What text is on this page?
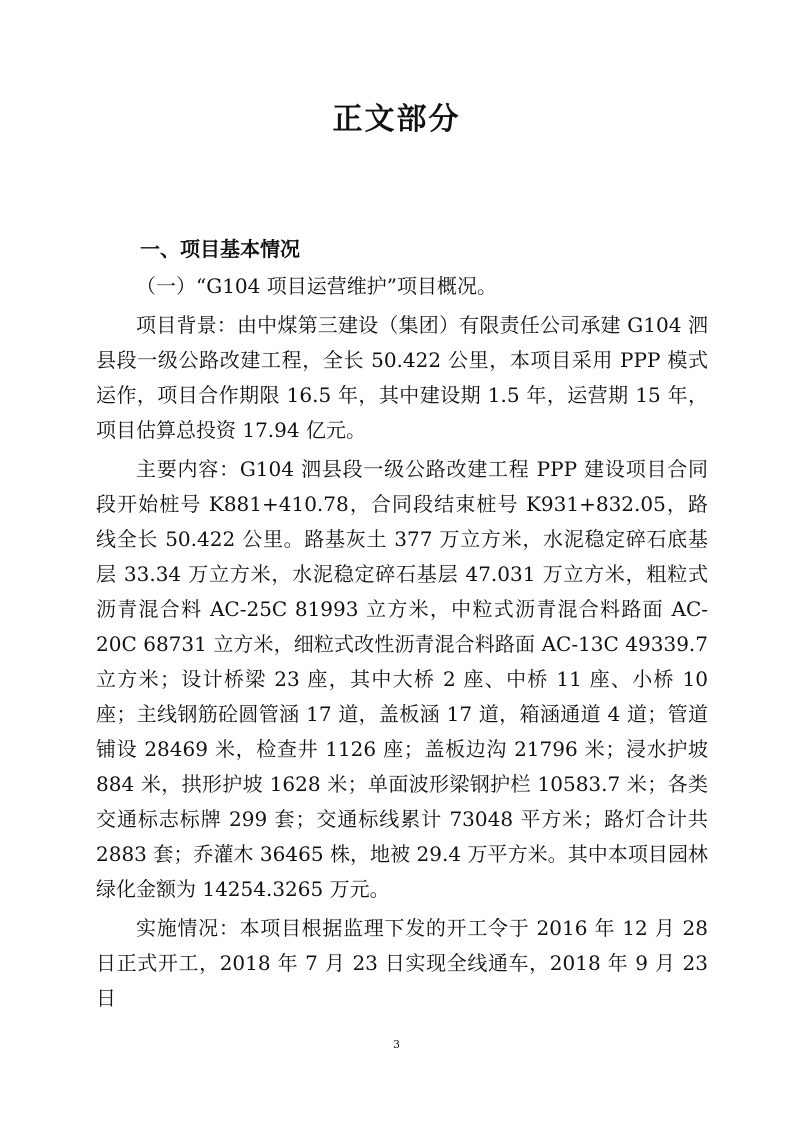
正文部分

一、项目基本情况

（一）“G104 项目运营维护”项目概况。

项目背景：由中煤第三建设（集团）有限责任公司承建 G104 泗县段一级公路改建工程，全长 50.422 公里，本项目采用 PPP 模式运作，项目合作期限 16.5 年，其中建设期 1.5 年，运营期 15 年，项目估算总投资 17.94 亿元。

主要内容：G104 泗县段一级公路改建工程 PPP 建设项目合同段开始桩号 K881+410.78，合同段结束桩号 K931+832.05，路线全长 50.422 公里。路基灰土 377 万立方米，水泥稳定碎石底基层 33.34 万立方米，水泥稳定碎石基层 47.031 万立方米，粗粒式沥青混合料 AC-25C 81993 立方米，中粒式沥青混合料路面 AC-20C 68731 立方米，细粒式改性沥青混合料路面 AC-13C 49339.7 立方米；设计桥梁 23 座，其中大桥 2 座、中桥 11 座、小桥 10 座；主线钢筋砼圆管涵 17 道，盖板涵 17 道，箱涵通道 4 道；管道铺设 28469 米，检查井 1126 座；盖板边沟 21796 米；浸水护坡 884 米，拱形护坡 1628 米；单面波形梁钢护栏 10583.7 米；各类交通标志标牌 299 套；交通标线累计 73048 平方米；路灯合计共 2883 套；乔灌木 36465 株，地被 29.4 万平方米。其中本项目园林绿化金额为 14254.3265 万元。

实施情况：本项目根据监理下发的开工令于 2016 年 12 月 28 日正式开工，2018 年 7 月 23 日实现全线通车，2018 年 9 月 23 日

3
